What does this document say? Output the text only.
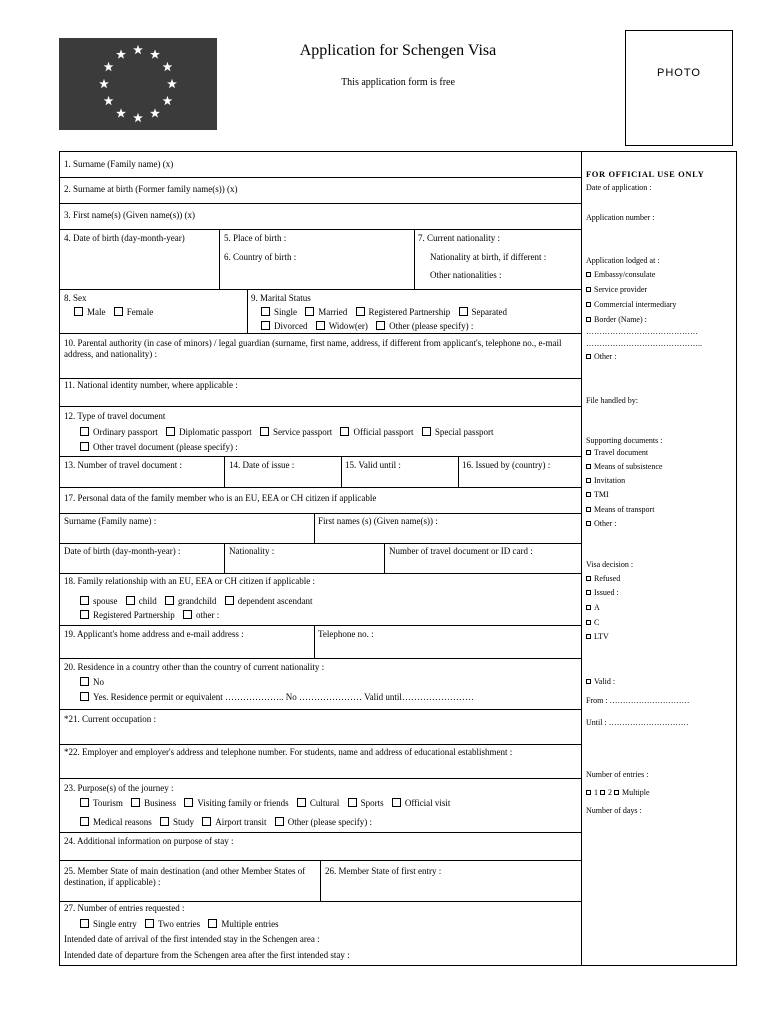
Application for Schengen Visa
This application form is free
PHOTO
1. Surname (Family name) (x)
2. Surname at birth (Former family name(s)) (x)
3. First name(s) (Given name(s)) (x)
4. Date of birth (day-month-year)	5. Place of birth :
6. Country of birth :
7. Current nationality :
Nationality at birth, if different :
Other nationalities :
8. Sex
Male Female
9. Marital Status
Single Married Registered Partnership Separated
Divorced Widow(er) Other (please specify) :
10. Parental authority (in case of minors) / legal guardian (surname, first name, address, if different from applicant's, telephone no., e-mail address, and nationality) :
11. National identity number, where applicable :
12. Type of travel document
Ordinary passport Diplomatic passport Service passport Official passport Special passport
Other travel document (please specify) :
13. Number of travel document :	14. Date of issue :	15. Valid until :	16. Issued by (country) :
17. Personal data of the family member who is an EU, EEA or CH citizen if applicable
Surname (Family name) :	First names (s) (Given name(s)) :
Date of birth (day-month-year) :	Nationality :	Number of travel document or ID card :
18. Family relationship with an EU, EEA or CH citizen if applicable :
spouse child grandchild dependent ascendant
Registered Partnership other :
19. Applicant's home address and e-mail address :	Telephone no. :
20. Residence in a country other than the country of current nationality :
No
Yes. Residence permit or equivalent ……………….. No ………………… Valid until……………………
*21. Current occupation :
*22. Employer and employer's address and telephone number. For students, name and address of educational establishment :
23. Purpose(s) of the journey :
Tourism Business Visiting family or friends Cultural Sports Official visit
Medical reasons Study Airport transit Other (please specify) :
24. Additional information on purpose of stay :
25. Member State of main destination (and other Member States of destination, if applicable) :
26. Member State of first entry :
27. Number of entries requested :
Single entry Two entries Multiple entries
Intended date of arrival of the first intended stay in the Schengen area :
Intended date of departure from the Schengen area after the first intended stay :
FOR OFFICIAL USE ONLY
Date of application :
Application number :
Application lodged at :
Embassy/consulate
Service provider
Commercial intermediary
Border (Name) :
……………………………………
……………………………………..
Other :
File handled by:
Supporting documents :
Travel document
Means of subsistence
Invitation
TMI
Means of transport
Other :
Visa decision :
Refused
Issued :
A
C
LTV
Valid :
From : …………………………
Until : …………………………
Number of entries :
1 2 Multiple
Number of days :
